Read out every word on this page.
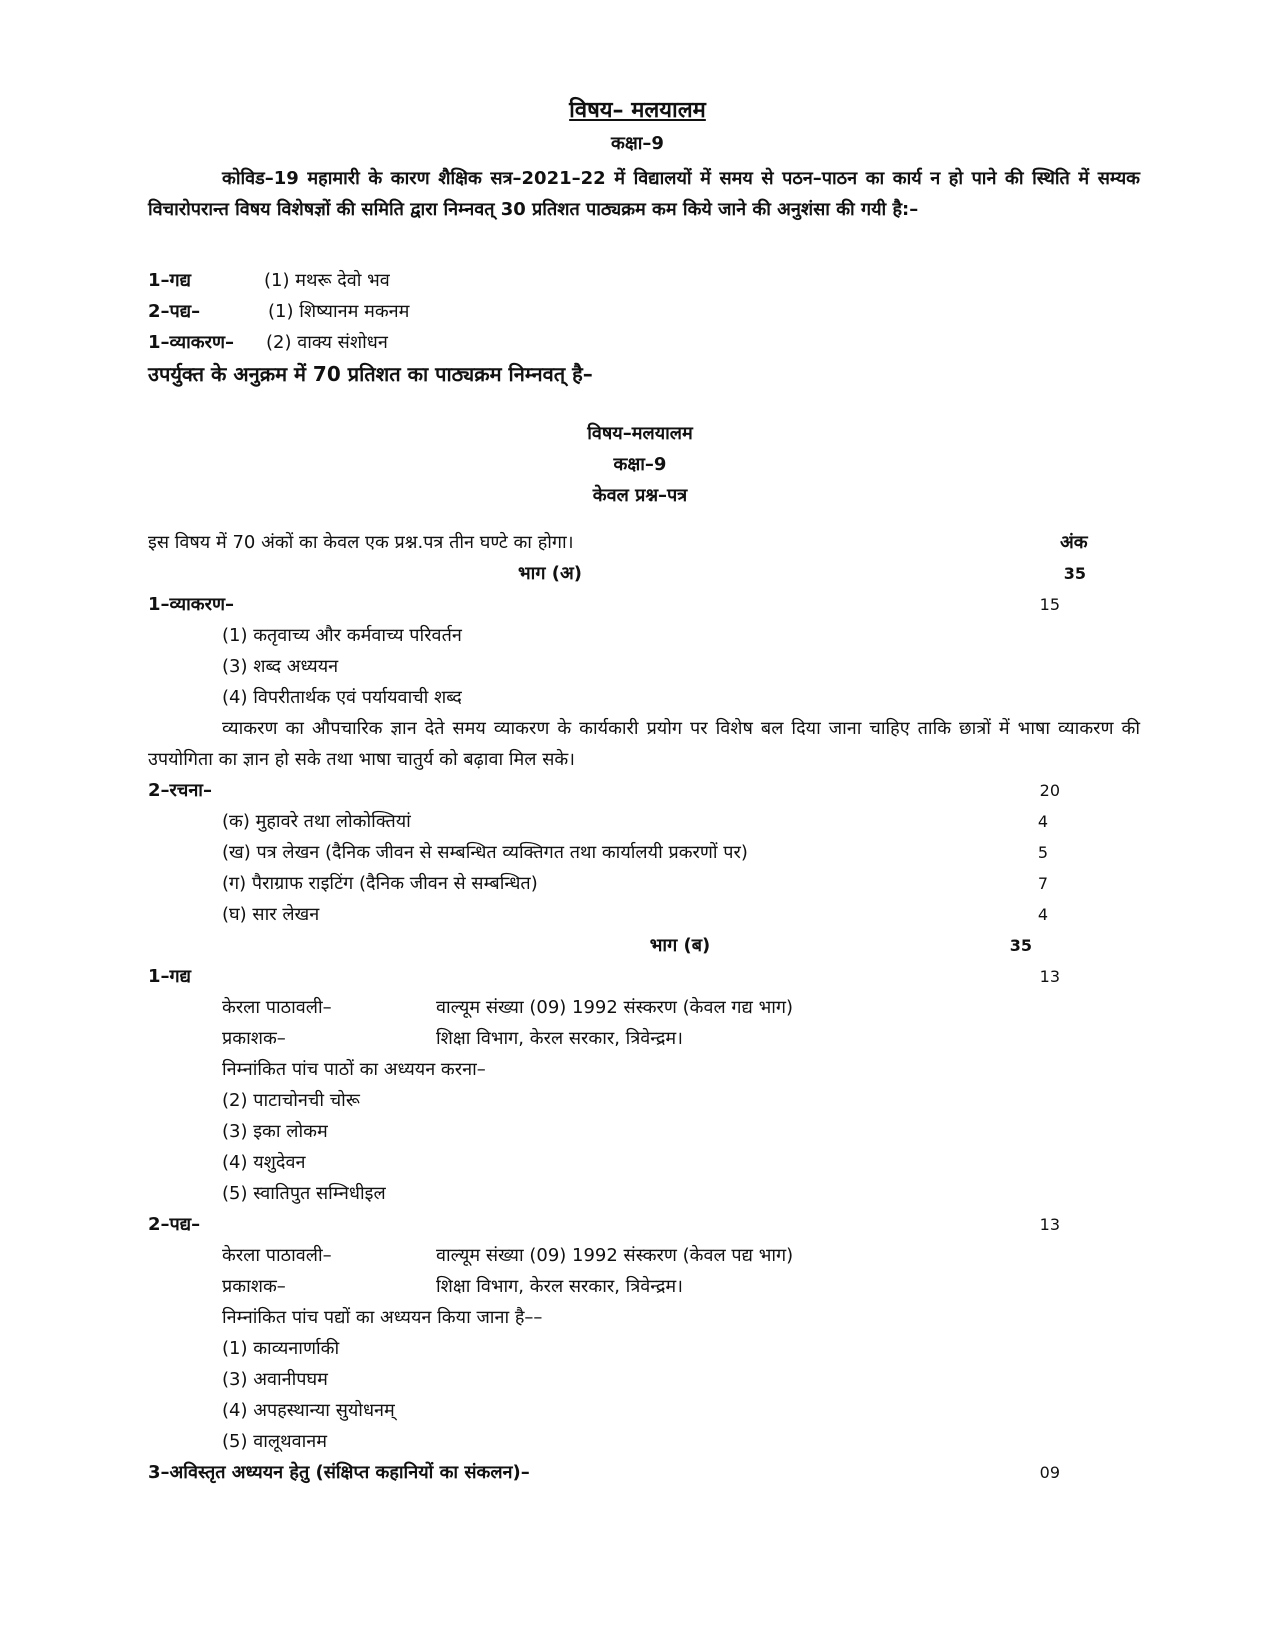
विषय– मलयालम
कक्षा–9

कोविड–19 महामारी के कारण शैक्षिक सत्र–2021–22 में विद्यालयों में समय से पठन–पाठन का कार्य न हो पाने की स्थिति में सम्यक विचारोपरान्त विषय विशेषज्ञों की समिति द्वारा निम्नवत् 30 प्रतिशत पाठ्यक्रम कम किये जाने की अनुशंसा की गयी है:–

1–गद्य	(1) मथरू देवो भव
2–पद्य–	(1) शिष्यानम मकनम
1–व्याकरण– (2) वाक्य संशोधन
उपर्युक्त के अनुक्रम में 70 प्रतिशत का पाठ्यक्रम निम्नवत् है–
विषय–मलयालम
कक्षा–9
केवल प्रश्न–पत्र
इस विषय में 70 अंकों का केवल एक प्रश्न.पत्र तीन घण्टे का होगा।	अंक
भाग (अ)	35
1–व्याकरण–	15
(1) कतृवाच्य और कर्मवाच्य परिवर्तन
(3) शब्द अध्ययन
(4) विपरीतार्थक एवं पर्यायवाची शब्द

व्याकरण का औपचारिक ज्ञान देते समय व्याकरण के कार्यकारी प्रयोग पर विशेष बल दिया जाना चाहिए ताकि छात्रों में भाषा व्याकरण की उपयोगिता का ज्ञान हो सके तथा भाषा चातुर्य को बढ़ावा मिल सके।

2–रचना–	20
(क) मुहावरे तथा लोकोक्तियां	4
(ख) पत्र लेखन (दैनिक जीवन से सम्बन्धित व्यक्तिगत तथा कार्यालयी प्रकरणों पर)	5
(ग) पैराग्राफ राइटिंग (दैनिक जीवन से सम्बन्धित)	7
(घ) सार लेखन	4
भाग (ब)	35
1–गद्य	13
केरला पाठावली–	वाल्यूम संख्या (09) 1992 संस्करण (केवल गद्य भाग)
प्रकाशक–	शिक्षा विभाग, केरल सरकार, त्रिवेन्द्रम।
निम्नांकित पांच पाठों का अध्ययन करना–
(2) पाटाचोनची चोरू
(3) इका लोकम
(4) यशुदेवन
(5) स्वातिपुत सम्निधीइल
2–पद्य–	13
केरला पाठावली–	वाल्यूम संख्या (09) 1992 संस्करण (केवल पद्य भाग)
प्रकाशक–	शिक्षा विभाग, केरल सरकार, त्रिवेन्द्रम।
निम्नांकित पांच पद्यों का अध्ययन किया जाना है––
(1) काव्यनार्णाकी
(3) अवानीपघम
(4) अपहस्थान्या सुयोधनम्
(5) वालूथवानम
3–अविस्तृत अध्ययन हेतु (संक्षिप्त कहानियों का संकलन)–	09
